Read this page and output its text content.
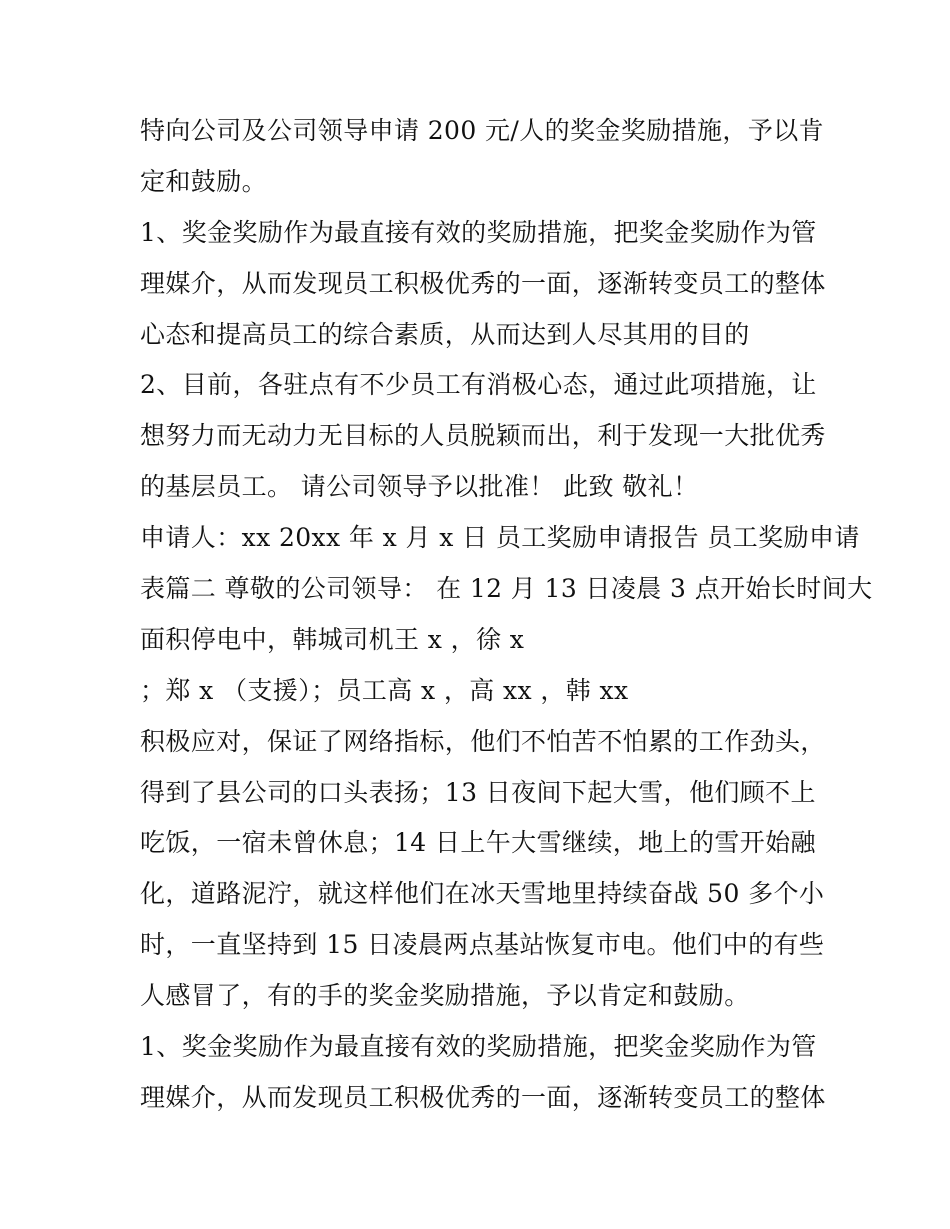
特向公司及公司领导申请 200 元/人的奖金奖励措施，予以肯
定和鼓励。
1、奖金奖励作为最直接有效的奖励措施，把奖金奖励作为管
理媒介，从而发现员工积极优秀的一面，逐渐转变员工的整体
心态和提高员工的综合素质，从而达到人尽其用的目的
2、目前，各驻点有不少员工有消极心态，通过此项措施，让
想努力而无动力无目标的人员脱颖而出，利于发现一大批优秀
的基层员工。 请公司领导予以批准！ 此致 敬礼！
申请人：xx 20xx 年 x 月 x 日 员工奖励申请报告 员工奖励申请
表篇二 尊敬的公司领导： 在 12 月 13 日凌晨 3 点开始长时间大
面积停电中，韩城司机王 x ，徐 x
；郑 x （支援）；员工高 x ，高 xx ，韩 xx
积极应对，保证了网络指标，他们不怕苦不怕累的工作劲头，
得到了县公司的口头表扬；13 日夜间下起大雪，他们顾不上
吃饭，一宿未曾休息；14 日上午大雪继续，地上的雪开始融
化，道路泥泞，就这样他们在冰天雪地里持续奋战 50 多个小
时，一直坚持到 15 日凌晨两点基站恢复市电。他们中的有些
人感冒了，有的手的奖金奖励措施，予以肯定和鼓励。
1、奖金奖励作为最直接有效的奖励措施，把奖金奖励作为管
理媒介，从而发现员工积极优秀的一面，逐渐转变员工的整体
